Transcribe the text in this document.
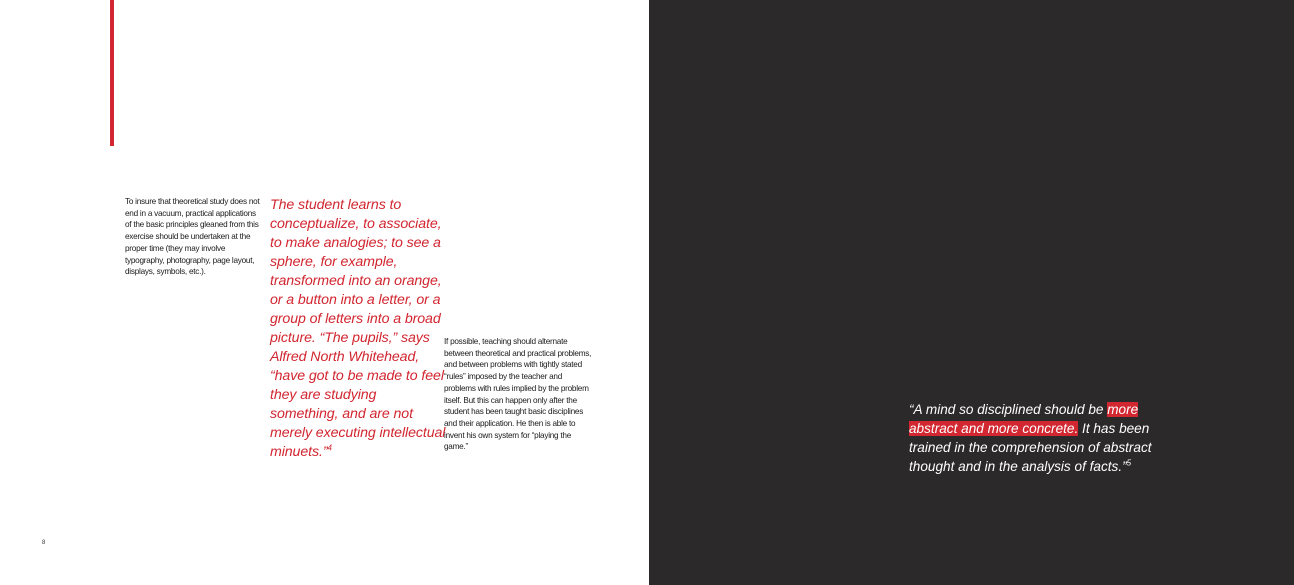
To insure that theoretical study does not end in a vacuum, practical applications of the basic principles gleaned from this exercise should be undertaken at the proper time (they may involve typography, photography, page layout, displays, symbols, etc.).

The student learns to conceptualize, to associate, to make analogies; to see a sphere, for example, transformed into an orange, or a button into a letter, or a group of letters into a broad picture. “The pupils,” says Alfred North Whitehead, “have got to be made to feel they are studying something, and are not merely executing intellectual minuets.”$^4$

If possible, teaching should alternate between theoretical and practical problems, and between problems with tightly stated “rules” imposed by the teacher and problems with rules implied by the problem itself. But this can happen only after the student has been taught basic disciplines and their application. He then is able to invent his own system for “playing the game.”

8

“A mind so disciplined should be more abstract and more concrete. It has been trained in the comprehension of abstract thought and in the analysis of facts.”$^5$
